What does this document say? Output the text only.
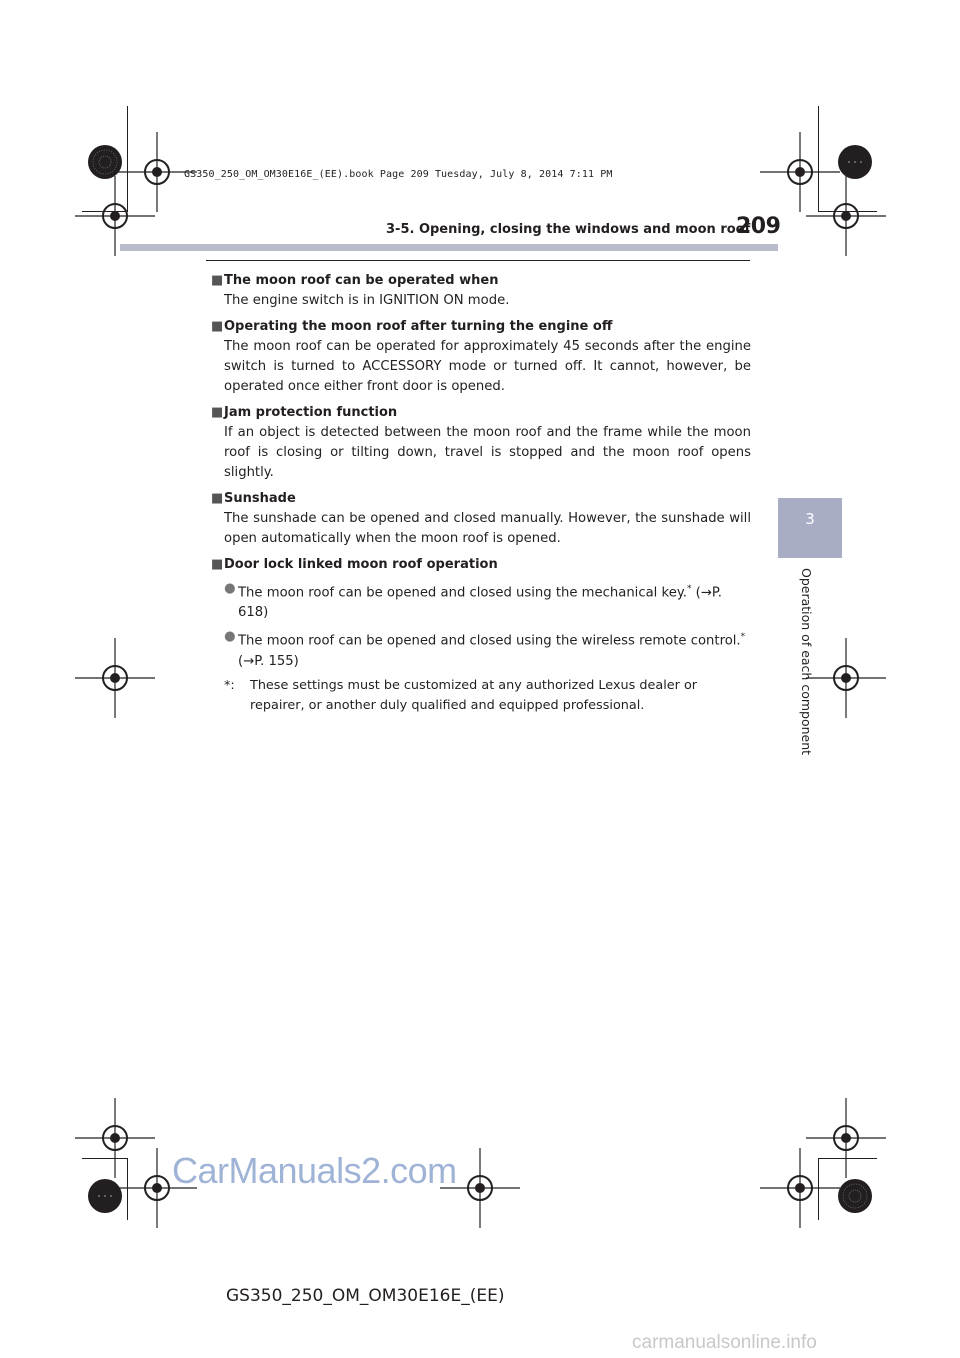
GS350_250_OM_OM30E16E_(EE).book Page 209 Tuesday, July 8, 2014 7:11 PM
3-5. Opening, closing the windows and moon roof
209
3
Operation of each component
■ The moon roof can be operated when
The engine switch is in IGNITION ON mode.
■ Operating the moon roof after turning the engine off
The moon roof can be operated for approximately 45 seconds after the engine switch is turned to ACCESSORY mode or turned off. It cannot, however, be operated once either front door is opened.
■ Jam protection function
If an object is detected between the moon roof and the frame while the moon roof is closing or tilting down, travel is stopped and the moon roof opens slightly.
■ Sunshade
The sunshade can be opened and closed manually. However, the sunshade will open automatically when the moon roof is opened.
■ Door lock linked moon roof operation
● The moon roof can be opened and closed using the mechanical key.* (→P. 618)
● The moon roof can be opened and closed using the wireless remote control.*
(→P. 155)
*:	These settings must be customized at any authorized Lexus dealer or repairer, or another duly qualified and equipped professional.
CarManuals2.com
GS350_250_OM_OM30E16E_(EE)
carmanualsonline.info
